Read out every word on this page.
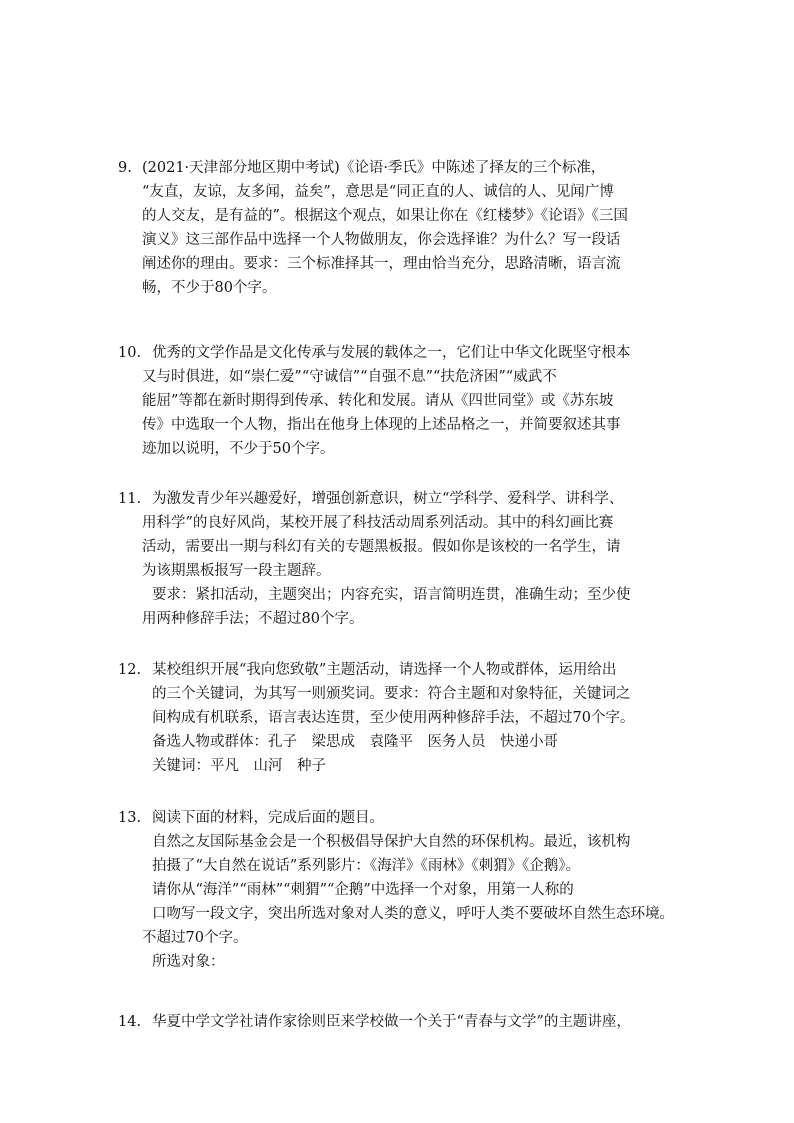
9. (2021·天津部分地区期中考试)《论语·季氏》中陈述了择友的三个标准，
“友直，友谅，友多闻，益矣”，意思是“同正直的人、诚信的人、见闻广博
的人交友，是有益的”。根据这个观点，如果让你在《红楼梦》《论语》《三国
演义》这三部作品中选择一个人物做朋友，你会选择谁？为什么？写一段话
阐述你的理由。要求：三个标准择其一，理由恰当充分，思路清晰，语言流
畅，不少于80个字。
10. 优秀的文学作品是文化传承与发展的载体之一，它们让中华文化既坚守根本
又与时俱进，如“崇仁爱”“守诚信”“自强不息”“扶危济困”“威武不
能屈”等都在新时期得到传承、转化和发展。请从《四世同堂》或《苏东坡
传》中选取一个人物，指出在他身上体现的上述品格之一，并简要叙述其事
迹加以说明，不少于50个字。
11. 为激发青少年兴趣爱好，增强创新意识，树立“学科学、爱科学、讲科学、
用科学”的良好风尚，某校开展了科技活动周系列活动。其中的科幻画比赛
活动，需要出一期与科幻有关的专题黑板报。假如你是该校的一名学生，请
为该期黑板报写一段主题辞。
要求：紧扣活动，主题突出；内容充实，语言简明连贯，准确生动；至少使
用两种修辞手法；不超过80个字。
12. 某校组织开展“我向您致敬”主题活动，请选择一个人物或群体，运用给出
的三个关键词，为其写一则颁奖词。要求：符合主题和对象特征，关键词之
间构成有机联系，语言表达连贯，至少使用两种修辞手法，不超过70个字。
备选人物或群体：孔子　梁思成　袁隆平　医务人员　快递小哥
关键词：平凡　山河　种子
13. 阅读下面的材料，完成后面的题目。
自然之友国际基金会是一个积极倡导保护大自然的环保机构。最近，该机构
拍摄了“大自然在说话”系列影片：《海洋》《雨林》《刺猬》《企鹅》。
请你从“海洋”“雨林”“刺猬”“企鹅”中选择一个对象，用第一人称的
口吻写一段文字，突出所选对象对人类的意义，呼吁人类不要破坏自然生态环境。
不超过70个字。
所选对象：
14. 华夏中学文学社请作家徐则臣来学校做一个关于“青春与文学”的主题讲座，
